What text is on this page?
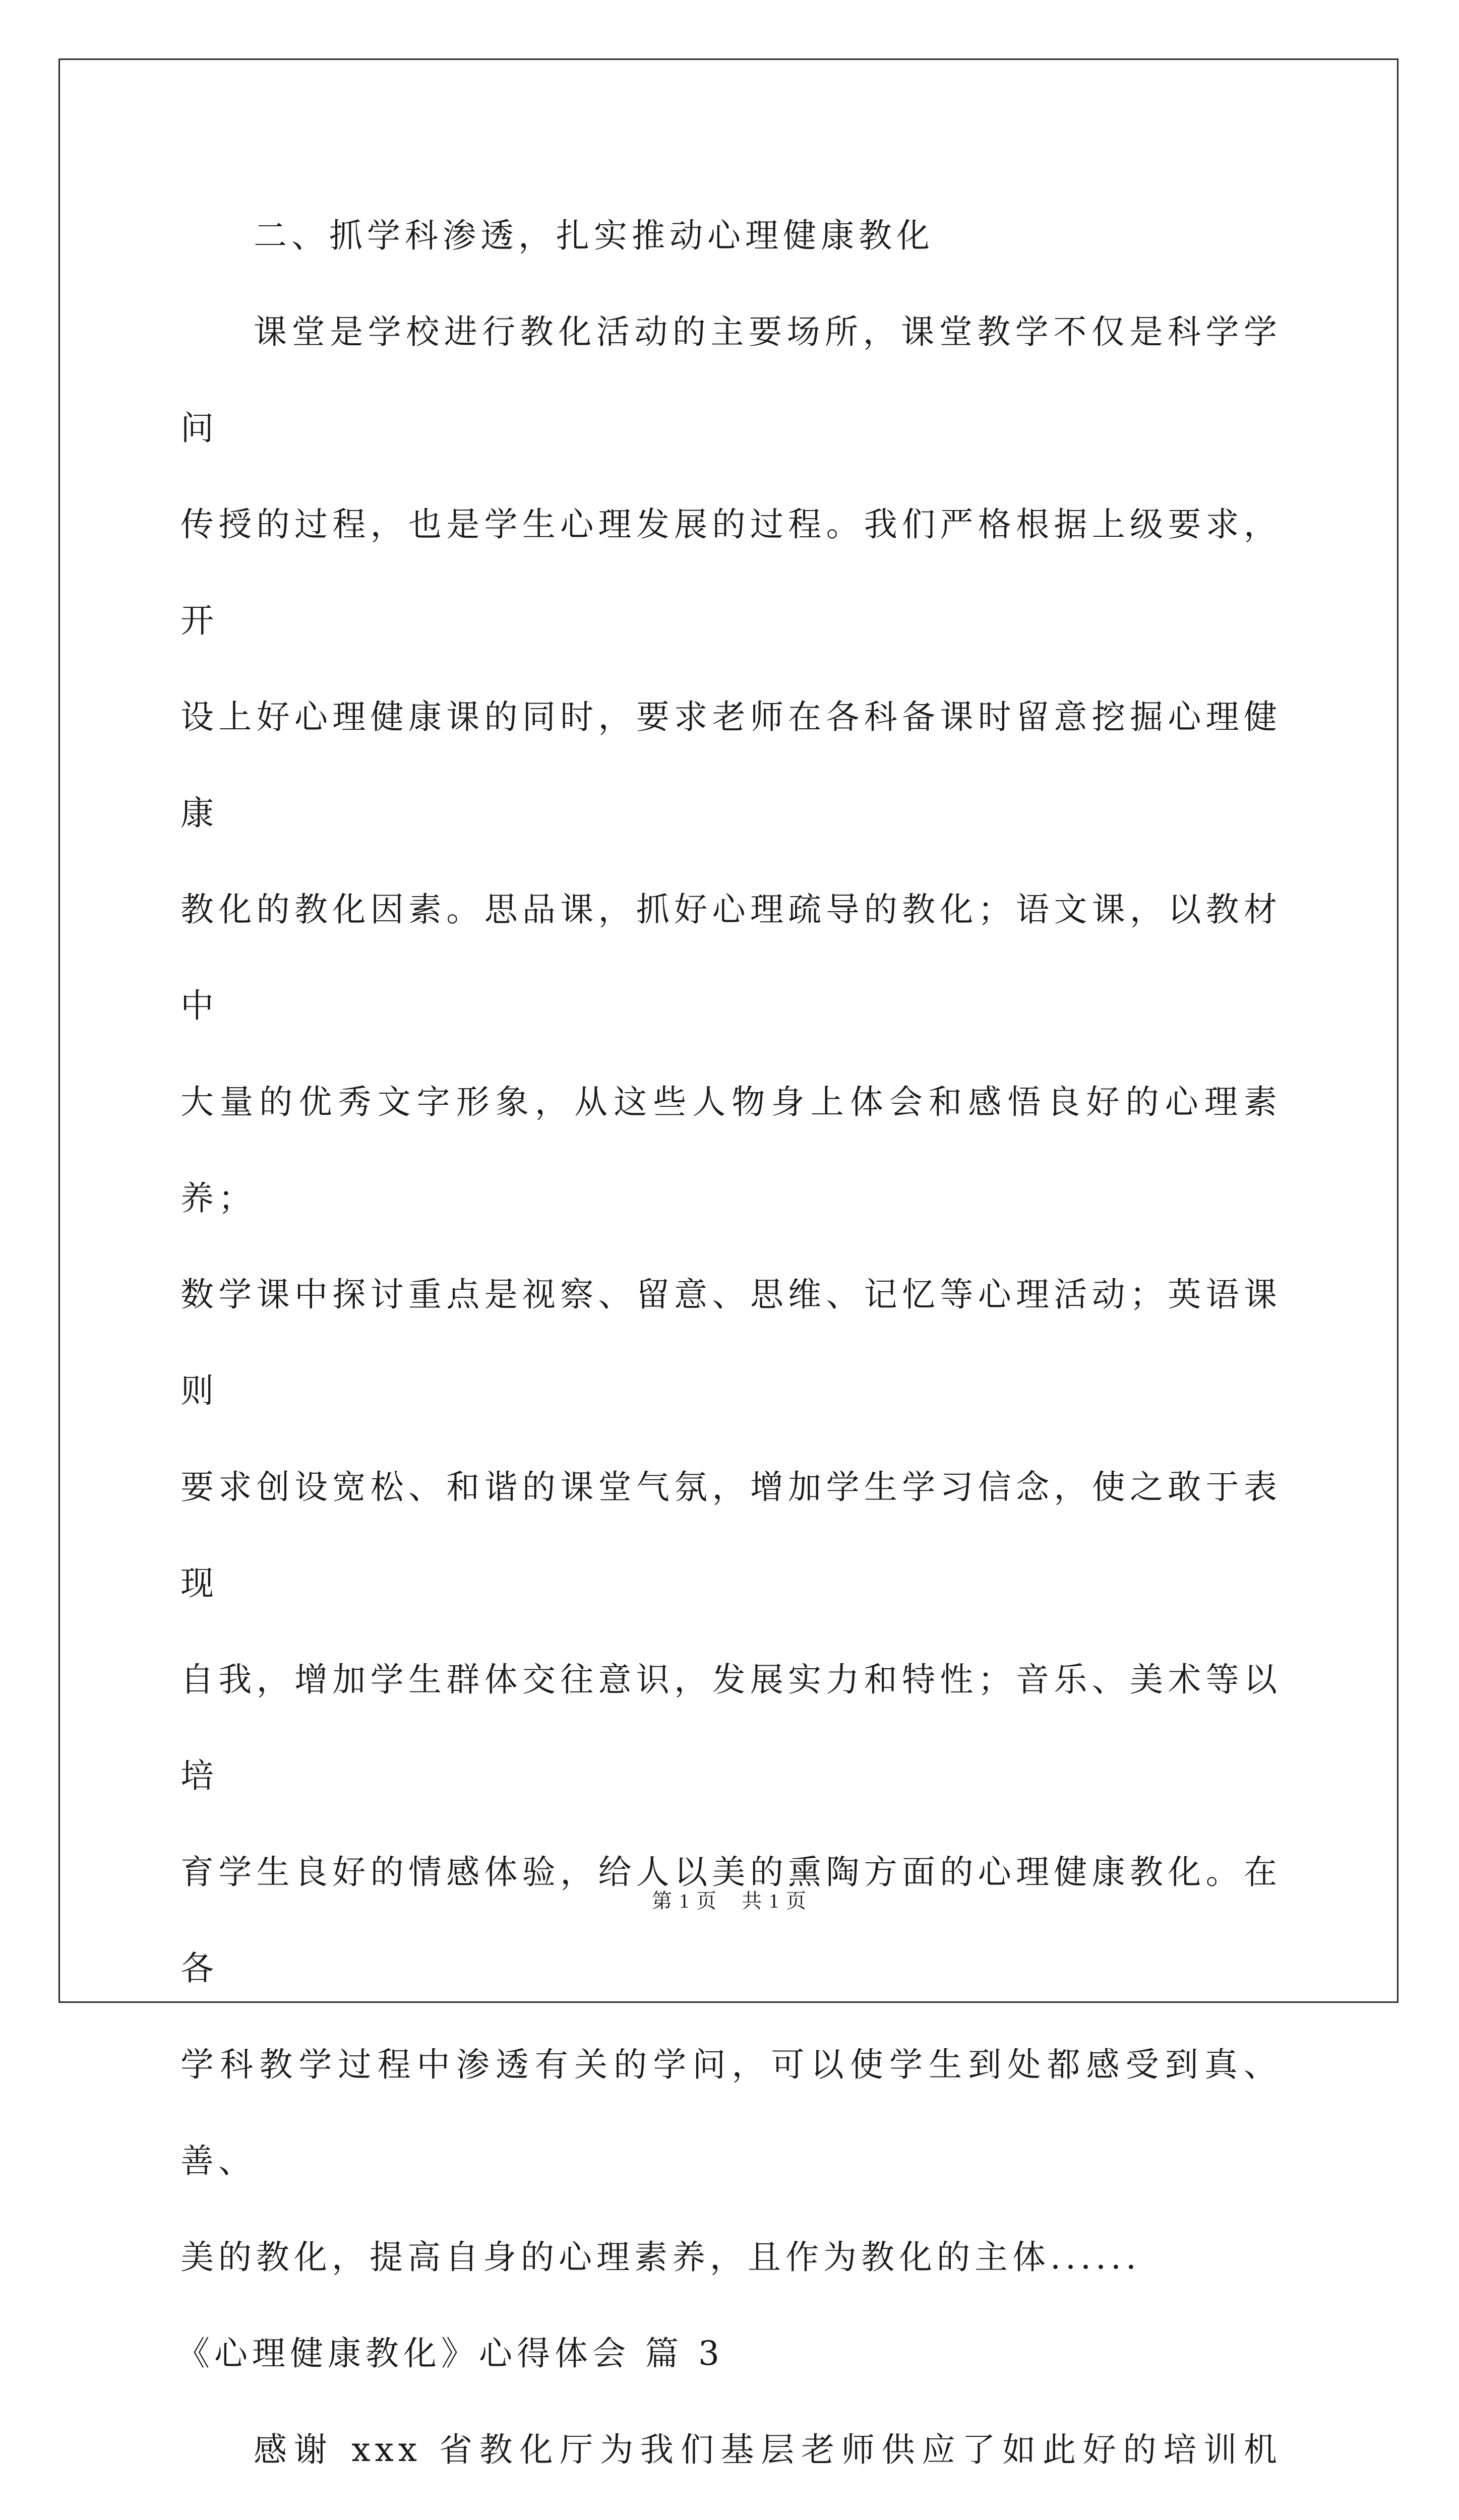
二、抓学科渗透，扎实推动心理健康教化
课堂是学校进行教化活动的主要场所，课堂教学不仅是科学学问
传授的过程，也是学生心理发展的过程。我们严格根据上级要求，开
设上好心理健康课的同时，要求老师在各科备课时留意挖掘心理健康
教化的教化因素。思品课，抓好心理疏导的教化；语文课，以教材中
大量的优秀文字形象，从这些人物身上体会和感悟良好的心理素养；
数学课中探讨重点是视察、留意、思维、记忆等心理活动；英语课则
要求创设宽松、和谐的课堂气氛，增加学生学习信念，使之敢于表现
自我，增加学生群体交往意识，发展实力和特性；音乐、美术等以培
育学生良好的情感体验，给人以美的熏陶方面的心理健康教化。在各
学科教学过程中渗透有关的学问，可以使学生到处都感受到真、善、
美的教化，提高自身的心理素养，且作为教化的主体......
《心理健康教化》心得体会 篇 3
感谢 xxx 省教化厅为我们基层老师供应了如此好的培训机
第 1 页 共 1 页
